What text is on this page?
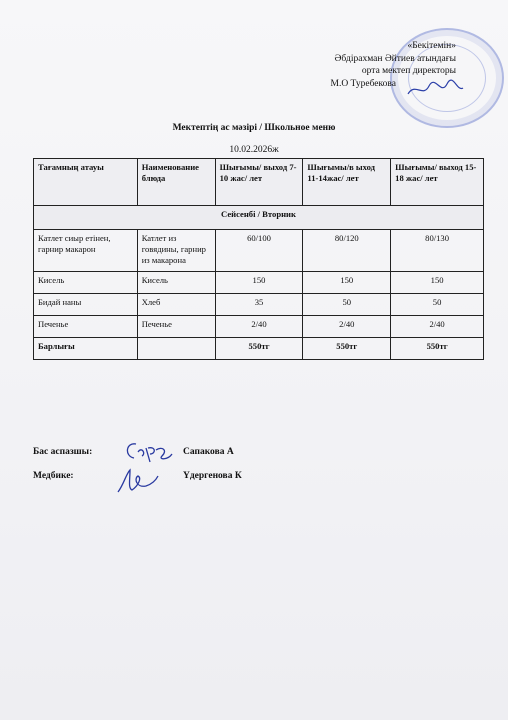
«Бекітемін»
Әбдірахман Әйтиев атындағы
орта мектеп директоры
М.О Туребекова
Мектептің ас мәзірі / Школьное меню
10.02.2026ж
Тағамның атауы	Наименование блюда	Шығымы/ выход 7-10 жас/ лет	Шығымы/в ыход 11-14жас/ лет	Шығымы/ выход 15-18 жас/ лет
Сейсенбі / Вторник				
Катлет сиыр етінен, гарнир макарон	Катлет из говядины, гарнир из макарона	60/100	80/120	80/130
Кисель	Кисель	150	150	150
Бидай наны	Хлеб	35	50	50
Печенье	Печенье	2/40	2/40	2/40
Барлығы		550тг	550тг	550тг
Бас аспазшы:	Сапакова А
Медбике:	Үдергенова К
